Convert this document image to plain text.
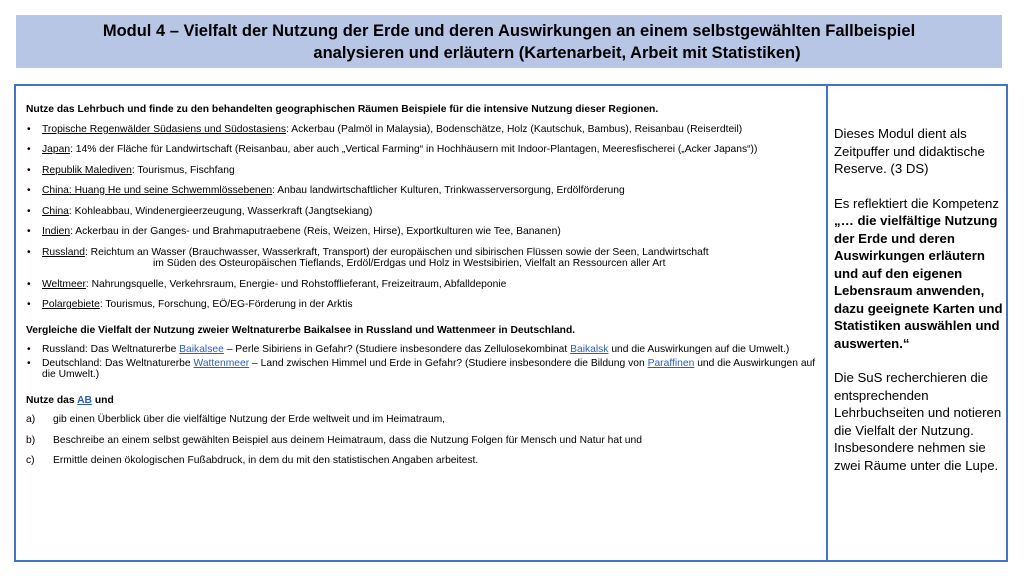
Modul 4 – Vielfalt der Nutzung der Erde und deren Auswirkungen an einem selbstgewählten Fallbeispiel
analysieren und erläutern (Kartenarbeit, Arbeit mit Statistiken)
Nutze das Lehrbuch und finde zu den behandelten geographischen Räumen Beispiele für die intensive Nutzung dieser Regionen.
• Tropische Regenwälder Südasiens und Südostasiens: Ackerbau (Palmöl in Malaysia), Bodenschätze, Holz (Kautschuk, Bambus), Reisanbau (Reiserdteil)
• Japan: 14% der Fläche für Landwirtschaft (Reisanbau, aber auch „Vertical Farming“ in Hochhäusern mit Indoor-Plantagen, Meeresfischerei („Acker Japans“))
• Republik Malediven: Tourismus, Fischfang
• China: Huang He und seine Schwemmlössebenen: Anbau landwirtschaftlicher Kulturen, Trinkwasserversorgung, Erdölförderung
• China: Kohleabbau, Windenergieerzeugung, Wasserkraft (Jangtsekiang)
• Indien: Ackerbau in der Ganges- und Brahmaputraebene (Reis, Weizen, Hirse), Exportkulturen wie Tee, Bananen)
• Russland: Reichtum an Wasser (Brauchwasser, Wasserkraft, Transport) der europäischen und sibirischen Flüssen sowie der Seen, Landwirtschaft
im Süden des Osteuropäischen Tieflands, Erdöl/Erdgas und Holz in Westsibirien, Vielfalt an Ressourcen aller Art
• Weltmeer: Nahrungsquelle, Verkehrsraum, Energie- und Rohstofflieferant, Freizeitraum, Abfalldeponie
• Polargebiete: Tourismus, Forschung, EÖ/EG-Förderung in der Arktis
Vergleiche die Vielfalt der Nutzung zweier Weltnaturerbe Baikalsee in Russland und Wattenmeer in Deutschland.
• Russland: Das Weltnaturerbe Baikalsee – Perle Sibiriens in Gefahr? (Studiere insbesondere das Zellulosekombinat Baikalsk und die Auswirkungen auf die Umwelt.)
• Deutschland: Das Weltnaturerbe Wattenmeer – Land zwischen Himmel und Erde in Gefahr? (Studiere insbesondere die Bildung von Paraffinen und die Auswirkungen auf die Umwelt.)
Nutze das AB und
a) gib einen Überblick über die vielfältige Nutzung der Erde weltweit und im Heimatraum,
b) Beschreibe an einem selbst gewählten Beispiel aus deinem Heimatraum, dass die Nutzung Folgen für Mensch und Natur hat und
c) Ermittle deinen ökologischen Fußabdruck, in dem du mit den statistischen Angaben arbeitest.

Dieses Modul dient als Zeitpuffer und didaktische Reserve. (3 DS)

Es reflektiert die Kompetenz „… die vielfältige Nutzung der Erde und deren Auswirkungen erläutern und auf den eigenen Lebensraum anwenden, dazu geeignete Karten und Statistiken auswählen und auswerten.“

Die SuS recherchieren die entsprechenden Lehrbuchseiten und notieren die Vielfalt der Nutzung. Insbesondere nehmen sie zwei Räume unter die Lupe.
